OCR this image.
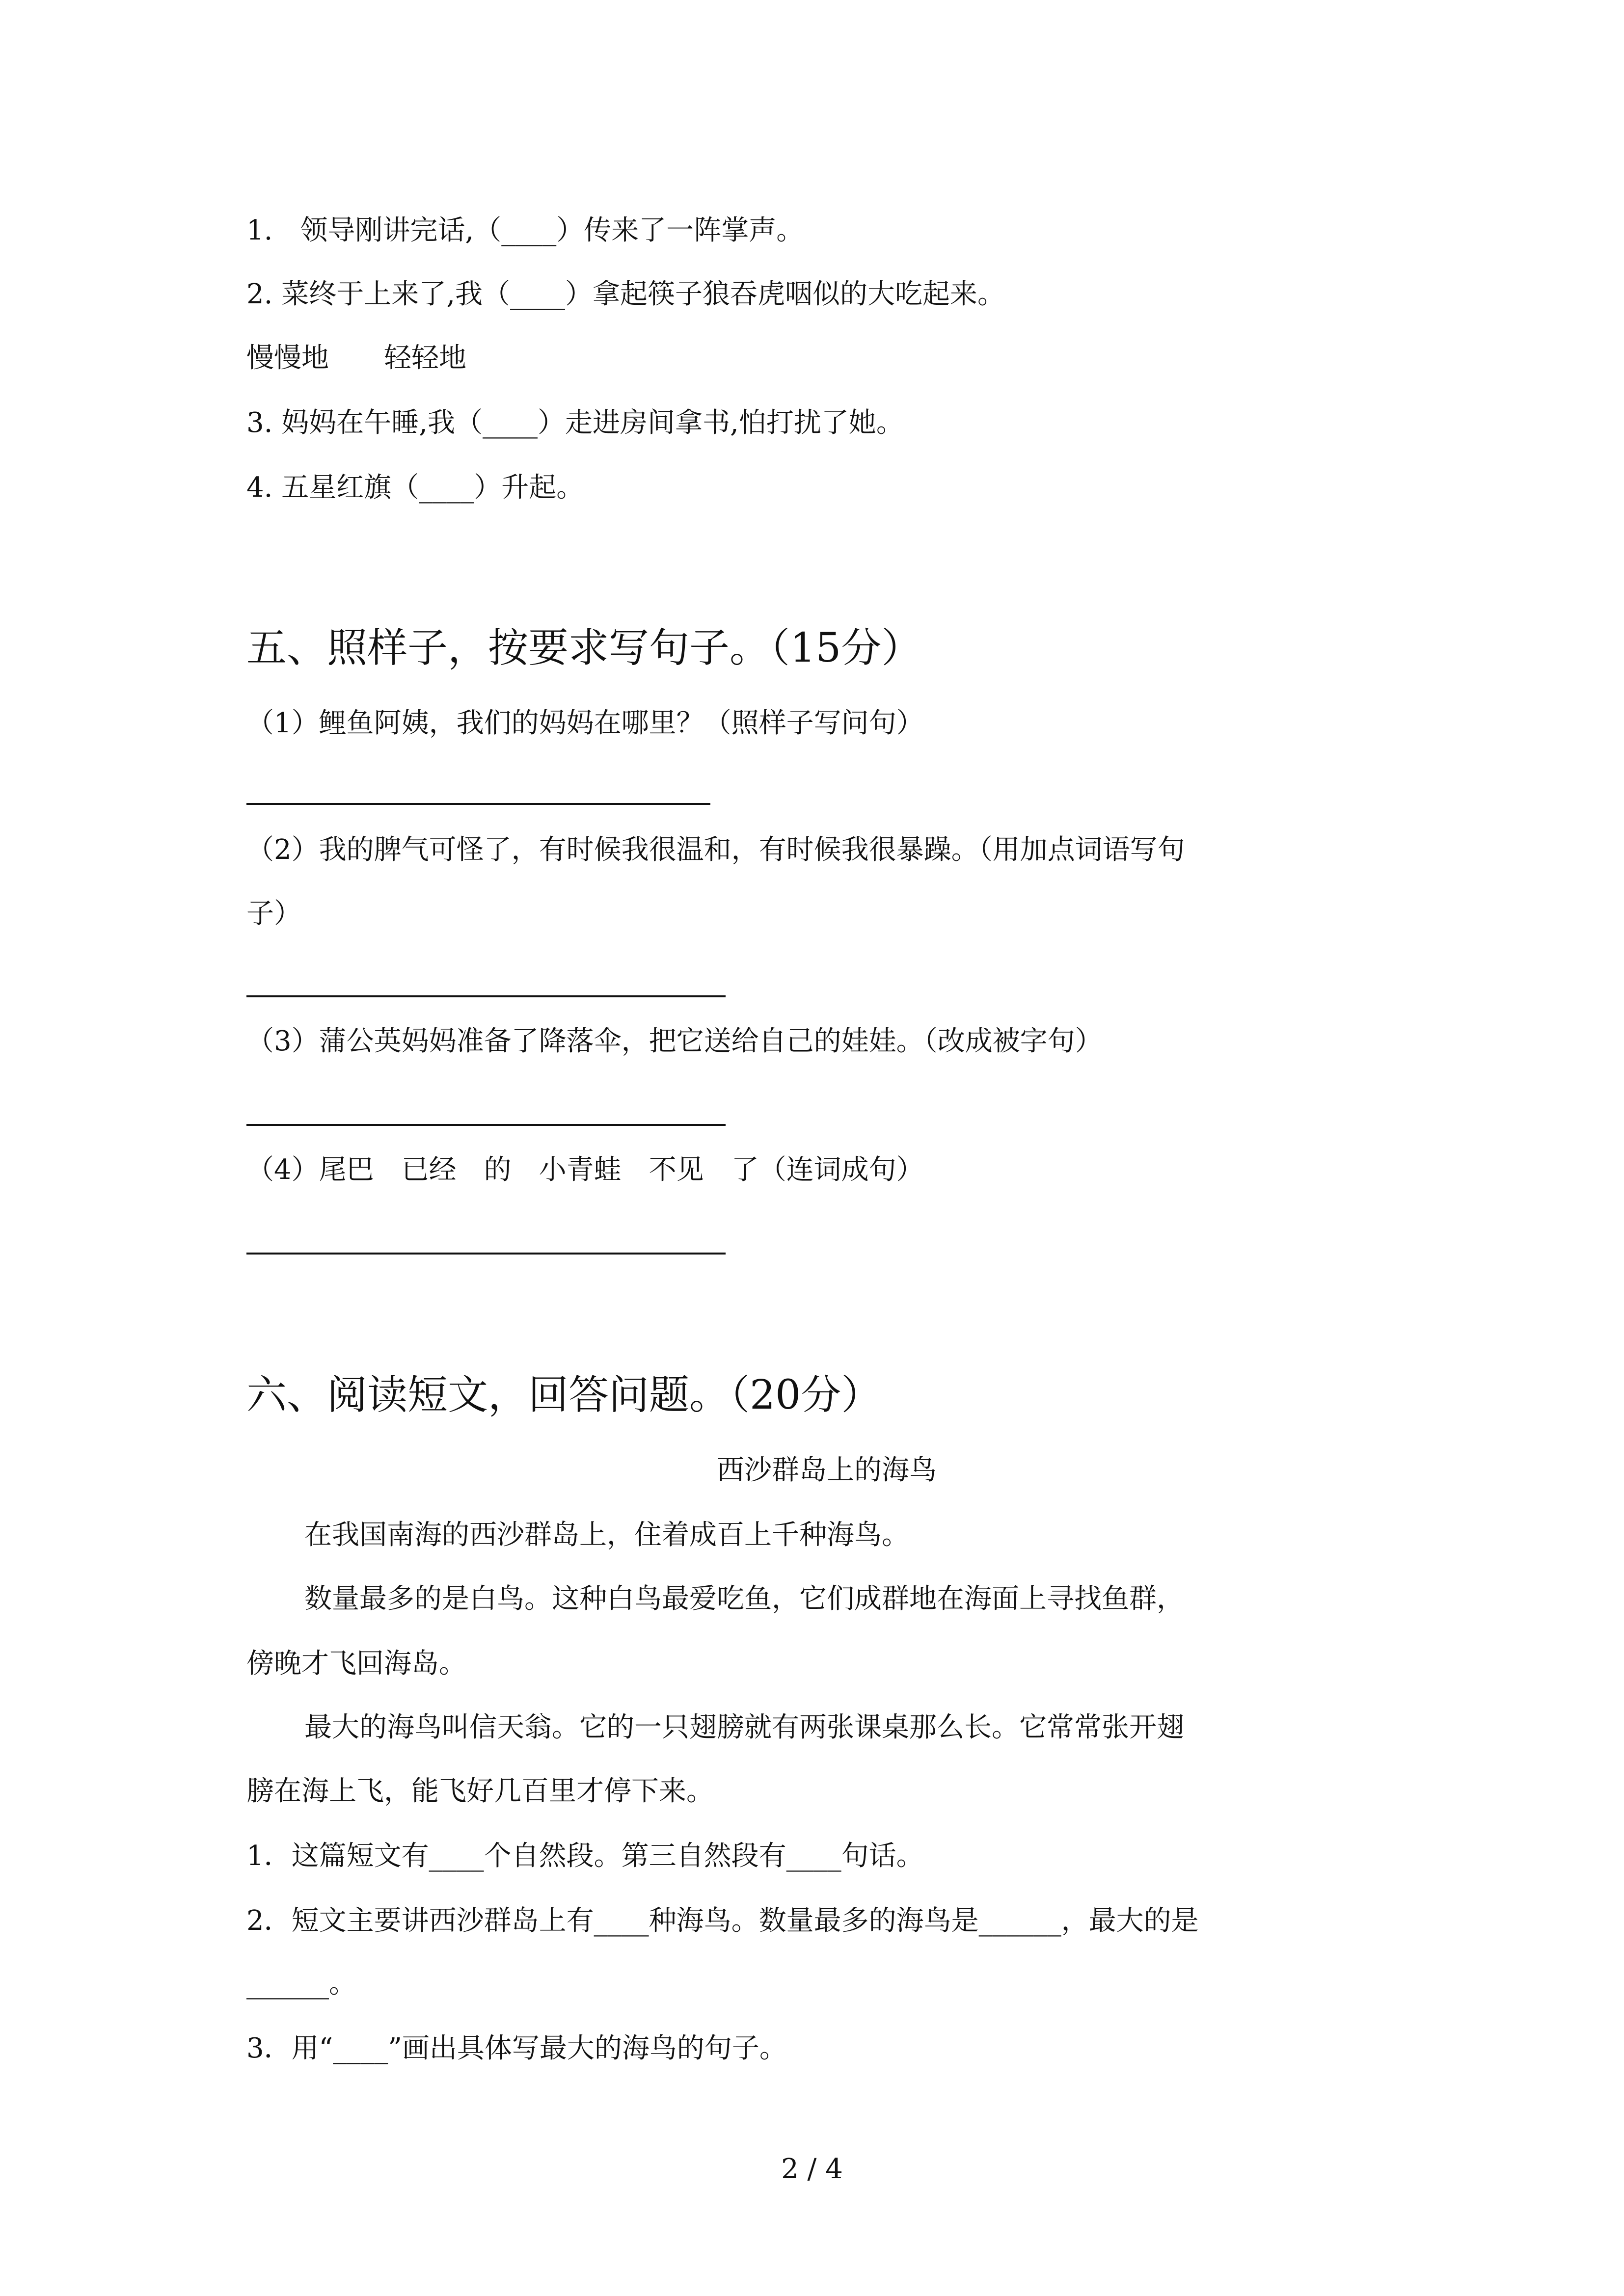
1.　领导刚讲完话,（____）传来了一阵掌声。
2. 菜终于上来了,我（____）拿起筷子狼吞虎咽似的大吃起来。
慢慢地　　轻轻地
3. 妈妈在午睡,我（____）走进房间拿书,怕打扰了她。
4. 五星红旗（____）升起。
五、照样子，按要求写句子。（15分）
（1）鲤鱼阿姨，我们的妈妈在哪里？（照样子写问句）
（2）我的脾气可怪了，有时候我很温和，有时候我很暴躁。（用加点词语写句
子）
（3）蒲公英妈妈准备了降落伞，把它送给自己的娃娃。（改成被字句）
（4）尾巴　已经　的　小青蛙　不见　了（连词成句）
六、阅读短文，回答问题。（20分）
西沙群岛上的海鸟
在我国南海的西沙群岛上，住着成百上千种海鸟。
数量最多的是白鸟。这种白鸟最爱吃鱼，它们成群地在海面上寻找鱼群，
傍晚才飞回海岛。
最大的海鸟叫信天翁。它的一只翅膀就有两张课桌那么长。它常常张开翅
膀在海上飞，能飞好几百里才停下来。
1．这篇短文有____个自然段。第三自然段有____句话。
2．短文主要讲西沙群岛上有____种海鸟。数量最多的海鸟是______，最大的是
______。
3．用“____”画出具体写最大的海鸟的句子。
2 / 4
